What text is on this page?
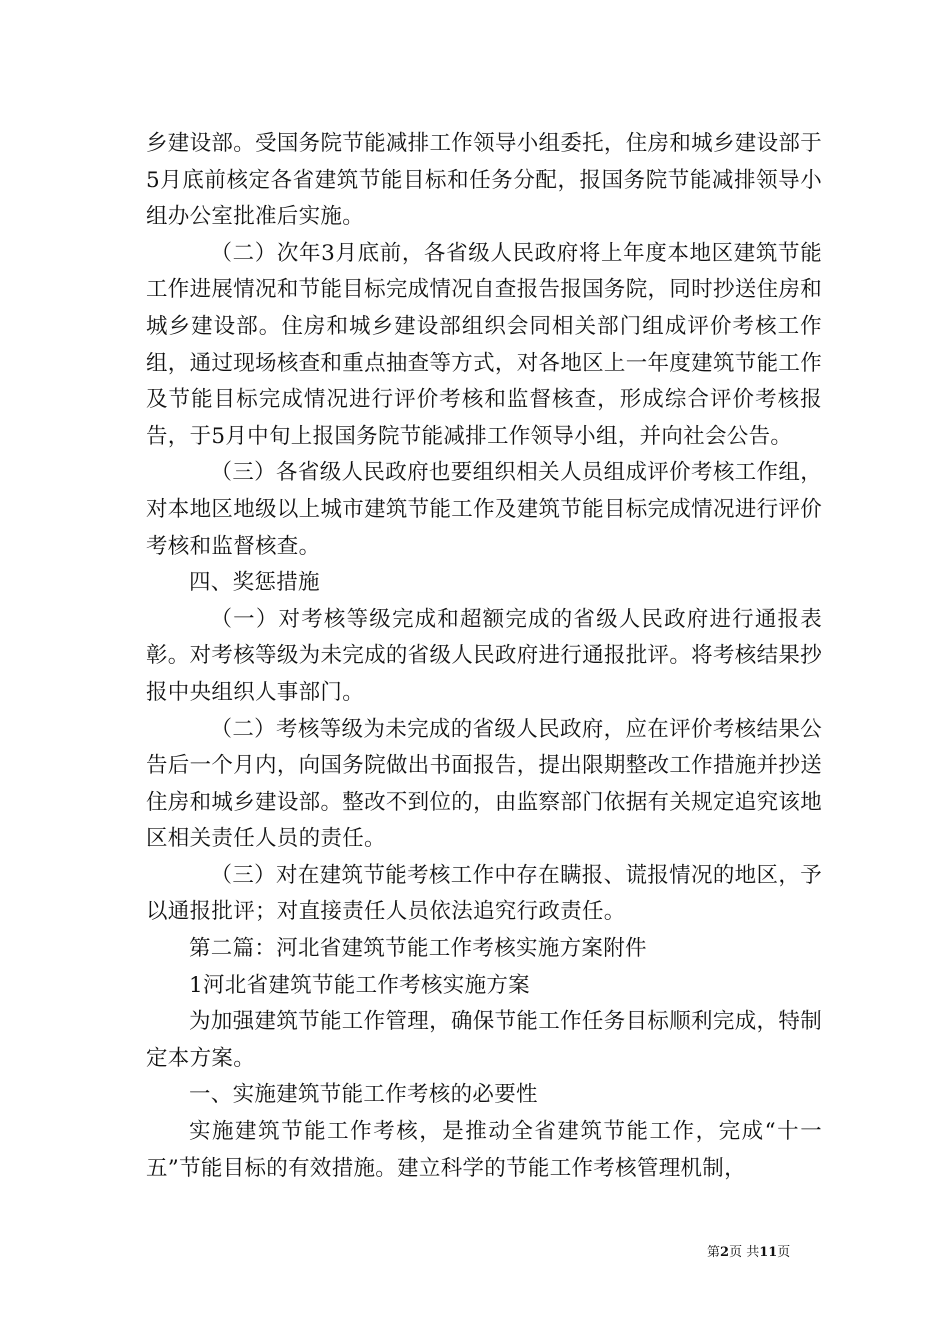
乡建设部。受国务院节能减排工作领导小组委托，住房和城乡建设部于5月底前核定各省建筑节能目标和任务分配，报国务院节能减排领导小组办公室批准后实施。

（二）次年3月底前，各省级人民政府将上年度本地区建筑节能工作进展情况和节能目标完成情况自查报告报国务院，同时抄送住房和城乡建设部。住房和城乡建设部组织会同相关部门组成评价考核工作组，通过现场核查和重点抽查等方式，对各地区上一年度建筑节能工作及节能目标完成情况进行评价考核和监督核查，形成综合评价考核报告，于5月中旬上报国务院节能减排工作领导小组，并向社会公告。

（三）各省级人民政府也要组织相关人员组成评价考核工作组，对本地区地级以上城市建筑节能工作及建筑节能目标完成情况进行评价考核和监督核查。

四、奖惩措施

（一）对考核等级完成和超额完成的省级人民政府进行通报表彰。对考核等级为未完成的省级人民政府进行通报批评。将考核结果抄报中央组织人事部门。

（二）考核等级为未完成的省级人民政府，应在评价考核结果公告后一个月内，向国务院做出书面报告，提出限期整改工作措施并抄送住房和城乡建设部。整改不到位的，由监察部门依据有关规定追究该地区相关责任人员的责任。

（三）对在建筑节能考核工作中存在瞒报、谎报情况的地区，予以通报批评；对直接责任人员依法追究行政责任。

第二篇：河北省建筑节能工作考核实施方案附件

1河北省建筑节能工作考核实施方案

为加强建筑节能工作管理，确保节能工作任务目标顺利完成，特制定本方案。

一、实施建筑节能工作考核的必要性

实施建筑节能工作考核，是推动全省建筑节能工作，完成“十一五”节能目标的有效措施。建立科学的节能工作考核管理机制，

第2页 共11页
